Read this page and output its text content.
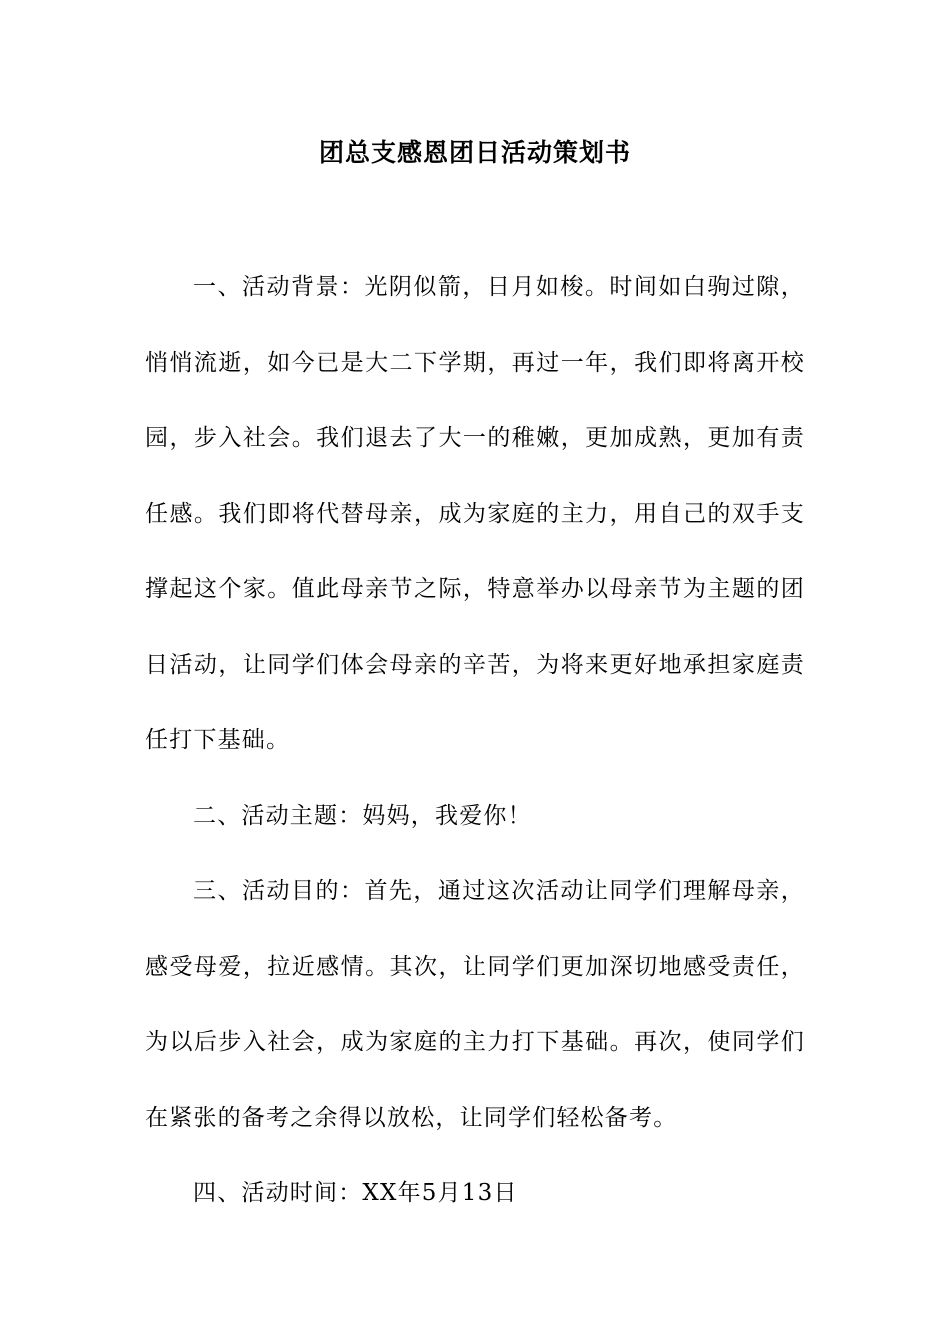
团总支感恩团日活动策划书

一、活动背景：光阴似箭，日月如梭。时间如白驹过隙，悄悄流逝，如今已是大二下学期，再过一年，我们即将离开校园，步入社会。我们退去了大一的稚嫩，更加成熟，更加有责任感。我们即将代替母亲，成为家庭的主力，用自己的双手支撑起这个家。值此母亲节之际，特意举办以母亲节为主题的团日活动，让同学们体会母亲的辛苦，为将来更好地承担家庭责任打下基础。

二、活动主题：妈妈，我爱你！

三、活动目的：首先，通过这次活动让同学们理解母亲，感受母爱，拉近感情。其次，让同学们更加深切地感受责任，为以后步入社会，成为家庭的主力打下基础。再次，使同学们在紧张的备考之余得以放松，让同学们轻松备考。

四、活动时间：XX年5月13日
